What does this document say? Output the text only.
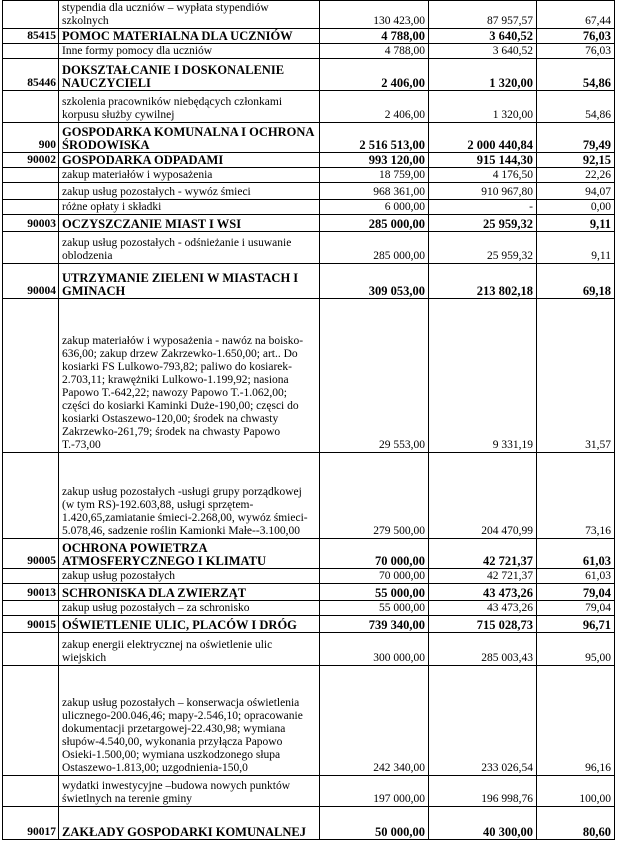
	stypendia dla uczniów – wypłata stypendiów szkolnych	130 423,00	87 957,57	67,44
85415	POMOC MATERIALNA DLA UCZNIÓW	4 788,00	3 640,52	76,03
	Inne formy pomocy dla uczniów	4 788,00	3 640,52	76,03
85446	DOKSZTAŁCANIE I DOSKONALENIE NAUCZYCIELI	2 406,00	1 320,00	54,86
	szkolenia pracowników niebędących członkami korpusu służby cywilnej	2 406,00	1 320,00	54,86
900	GOSPODARKA KOMUNALNA I OCHRONA ŚRODOWISKA	2 516 513,00	2 000 440,84	79,49
90002	GOSPODARKA ODPADAMI	993 120,00	915 144,30	92,15
	zakup materiałów i wyposażenia	18 759,00	4 176,50	22,26
	zakup usług pozostałych - wywóz śmieci	968 361,00	910 967,80	94,07
	różne opłaty i składki	6 000,00	-	0,00
90003	OCZYSZCZANIE MIAST I WSI	285 000,00	25 959,32	9,11
	zakup usług pozostałych - odśnieżanie i usuwanie oblodzenia	285 000,00	25 959,32	9,11
90004	UTRZYMANIE ZIELENI W MIASTACH I GMINACH	309 053,00	213 802,18	69,18
	zakup materiałów i wyposażenia - nawóz na boisko-636,00; zakup drzew Zakrzewko-1.650,00; art.. Do kosiarki FS Lulkowo-793,82; paliwo do kosiarek-2.703,11; krawężniki Lulkowo-1.199,92; nasiona Papowo T.-642,22; nawozy Papowo T.-1.062,00; części do kosiarki Kaminki Duże-190,00; częsci do kosiarki Ostaszewo-120,00; środek na chwasty Zakrzewko-261,79; środek na chwasty Papowo T.-73,00	29 553,00	9 331,19	31,57
	zakup usług pozostałych -usługi grupy porządkowej (w tym RS)-192.603,88, usługi sprzętem-1.420,65,zamiatanie śmieci-2.268,00, wywóz śmieci-5.078,46, sadzenie roślin Kamionki Małe--3.100,00	279 500,00	204 470,99	73,16
90005	OCHRONA POWIETRZA ATMOSFERYCZNEGO I KLIMATU	70 000,00	42 721,37	61,03
	zakup usług pozostałych	70 000,00	42 721,37	61,03
90013	SCHRONISKA DLA ZWIERZĄT	55 000,00	43 473,26	79,04
	zakup usług pozostałych – za schronisko	55 000,00	43 473,26	79,04
90015	OŚWIETLENIE ULIC, PLACÓW I DRÓG	739 340,00	715 028,73	96,71
	zakup energii elektrycznej na oświetlenie ulic wiejskich	300 000,00	285 003,43	95,00
	zakup usług pozostałych – konserwacja oświetlenia ulicznego-200.046,46; mapy-2.546,10; opracowanie dokumentacji przetargowej-22.430,98; wymiana słupów-4.540,00, wykonania przyłącza Papowo Osieki-1.500,00; wymiana uszkodzonego słupa Ostaszewo-1.813,00; uzgodnienia-150,0	242 340,00	233 026,54	96,16
	wydatki inwestycyjne –budowa nowych punktów świetlnych na terenie gminy	197 000,00	196 998,76	100,00
90017	ZAKŁADY GOSPODARKI KOMUNALNEJ	50 000,00	40 300,00	80,60
